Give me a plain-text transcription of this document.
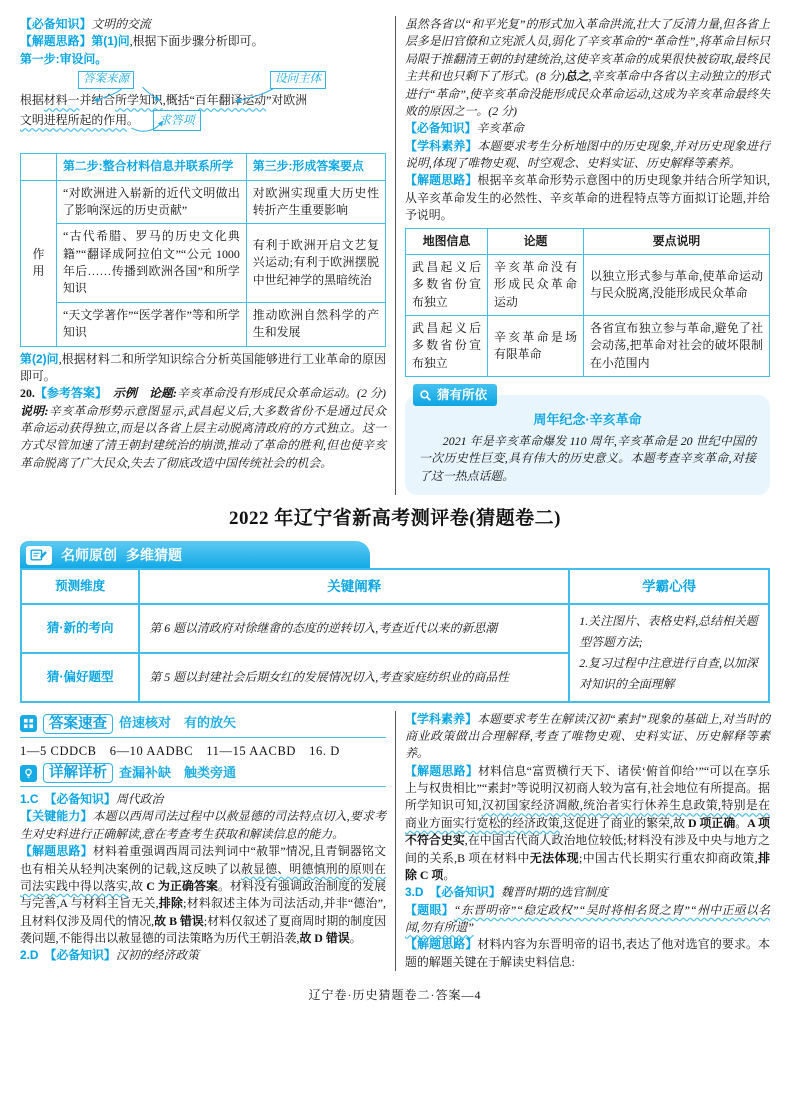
【必备知识】文明的交流

【解题思路】第(1)问,根据下面步骤分析即可。

第一步:审设问。

答案来源	设问主体

根据材料一并结合所学知识,概括“百年翻译运动”对欧洲
文明进程所起的作用。 求答项

	第二步:整合材料信息并联系所学	第三步:形成答案要点
作用	“对欧洲进入崭新的近代文明做出了影响深远的历史贡献”	对欧洲实现重大历史性转折产生重要影响
	“古代希腊、罗马的历史文化典籍”“翻译成阿拉伯文”“公元 1000 年后……传播到欧洲各国”和所学知识	有利于欧洲开启文艺复兴运动;有利于欧洲摆脱中世纪神学的黑暗统治
	“天文学著作”“医学著作”等和所学知识	推动欧洲自然科学的产生和发展

第(2)问,根据材料二和所学知识综合分析英国能够进行工业革命的原因即可。

20.【参考答案】　 示例　 论题:辛亥革命没有形成民众革命运动。(2 分)说明:辛亥革命形势示意图显示,武昌起义后,大多数省份不是通过民众革命运动获得独立,而是以各省上层主动脱离清政府的方式独立。这一方式尽管加速了清王朝封建统治的崩溃,推动了革命的胜利,但也使辛亥革命脱离了广大民众,失去了彻底改造中国传统社会的机会。

虽然各省以“和平光复”的形式加入革命洪流,壮大了反清力量,但各省上层多是旧官僚和立宪派人员,弱化了辛亥革命的“革命性”,将革命目标只局限于推翻清王朝的封建统治,这使辛亥革命的成果很快被窃取,最终民主共和也只剩下了形式。(8 分)总之,辛亥革命中各省以主动独立的形式进行“革命”,使辛亥革命没能形成民众革命运动,这成为辛亥革命最终失败的原因之一。(2 分)

【必备知识】辛亥革命

【学科素养】本题要求考生分析地图中的历史现象,并对历史现象进行说明,体现了唯物史观、时空观念、史料实证、历史解释等素养。

【解题思路】根据辛亥革命形势示意图中的历史现象并结合所学知识,从辛亥革命发生的必然性、辛亥革命的进程特点等方面拟订论题,并给予说明。

地图信息	论题	要点说明
武昌起义后多数省份宣布独立	辛亥革命没有形成民众革命运动	以独立形式参与革命,使革命运动与民众脱离,没能形成民众革命
武昌起义后多数省份宣布独立	辛亥革命是场有限革命	各省宣布独立参与革命,避免了社会动荡,把革命对社会的破坏限制在小范围内
猜有所依
周年纪念·辛亥革命

2021 年是辛亥革命爆发 110 周年,辛亥革命是 20 世纪中国的一次历史性巨变,具有伟大的历史意义。本题考查辛亥革命,对接了这一热点话题。

2022 年辽宁省新高考测评卷(猜题卷二)
名师原创 多维猜题
预测维度	关键阐释	学霸心得
猜·新的考向	第 6 题以清政府对徐继畬的态度的逆转切入,考查近代以来的新思潮	1.关注图片、表格史料,总结相关题型答题方法;
2.复习过程中注意进行自查,以加深对知识的全面理解

猜·偏好题型	第 5 题以封建社会后期女红的发展情况切入,考查家庭纺织业的商品性	
答案速查 倍速核对　有的放矢

1—5 CDDCB　6—10 AADBC　11—15 AACBD　16. D

详解详析 查漏补缺　触类旁通

1.C　 【必备知识】周代政治

【关键能力】本题以西周司法过程中以赦显德的司法特点切入,要求考生对史料进行正确解读,意在考查考生获取和解读信息的能力。

【解题思路】材料着重强调西周司法判词中“赦罪”情况,且青铜器铭文也有相关从轻判决案例的记载,这反映了以赦显德、明德慎刑的原则在司法实践中得以落实,故 C 为正确答案。材料没有强调政治制度的发展与完善,A 与材料主旨无关,排除;材料叙述主体为司法活动,并非“德治”,且材料仅涉及周代的情况,故 B 错误;材料仅叙述了夏商周时期的制度因袭问题,不能得出以赦显德的司法策略为历代王朝沿袭,故 D 错误。

2.D　 【必备知识】汉初的经济政策

【学科素养】本题要求考生在解读汉初“素封”现象的基础上,对当时的商业政策做出合理解释,考查了唯物史观、史料实证、历史解释等素养。

【解题思路】材料信息“富贾横行天下、诸侯‘俯首仰给’”“可以在享乐上与权贵相比”“素封”等说明汉初商人较为富有,社会地位有所提高。据所学知识可知,汉初国家经济凋敝,统治者实行休养生息政策,特别是在商业方面实行宽松的经济政策,这促进了商业的繁荣,故 D 项正确。A 项不符合史实,在中国古代商人政治地位较低;材料没有涉及中央与地方之间的关系,B 项在材料中无法体现;中国古代长期实行重农抑商政策,排除 C 项。

3.D　 【必备知识】魏晋时期的选官制度

【题眼】“东晋明帝”“稳定政权”“吴时将相名贤之胄”“州中正亟以名闻,勿有所遗”

【解题思路】材料内容为东晋明帝的诏书,表达了他对选官的要求。本题的解题关键在于解读史料信息:

辽宁卷·历史猜题卷二·答案—4
